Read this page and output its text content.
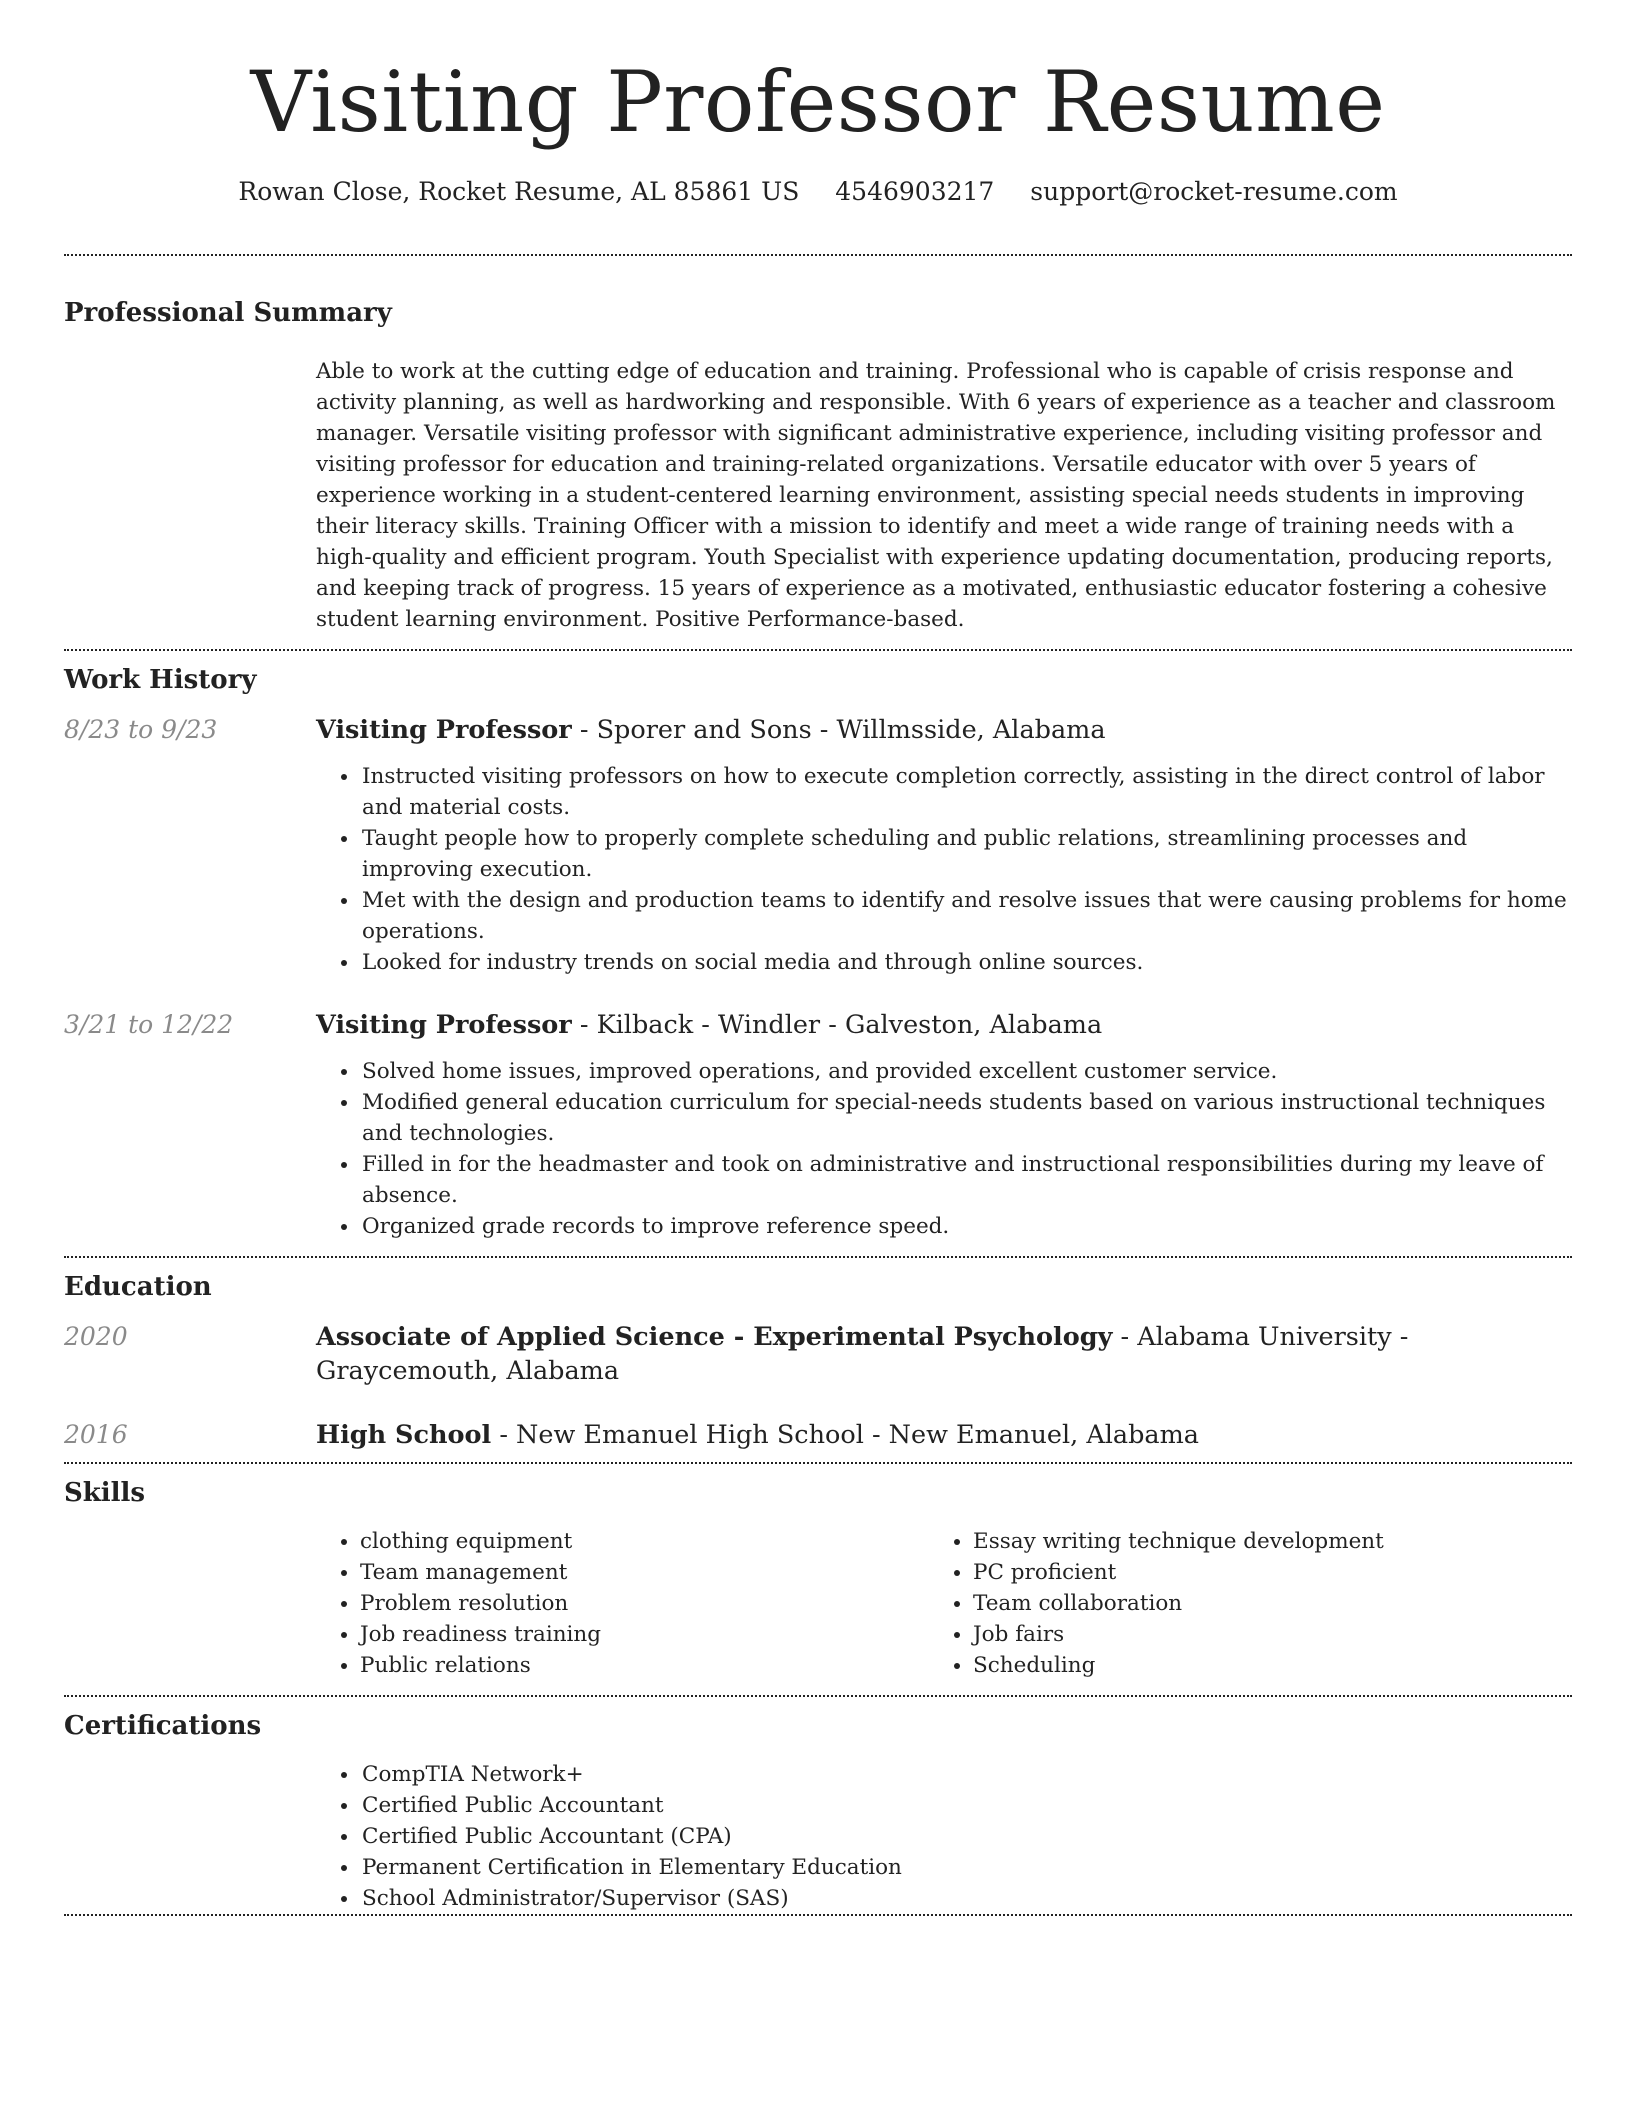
Visiting Professor Resume
Rowan Close, Rocket Resume, AL 85861 US 4546903217 support@rocket-resume.com
Professional Summary

Able to work at the cutting edge of education and training. Professional who is capable of crisis response and activity planning, as well as hardworking and responsible. With 6 years of experience as a teacher and classroom manager. Versatile visiting professor with significant administrative experience, including visiting professor and visiting professor for education and training-related organizations. Versatile educator with over 5 years of experience working in a student-centered learning environment, assisting special needs students in improving their literacy skills. Training Officer with a mission to identify and meet a wide range of training needs with a high-quality and efficient program. Youth Specialist with experience updating documentation, producing reports, and keeping track of progress. 15 years of experience as a motivated, enthusiastic educator fostering a cohesive student learning environment. Positive Performance-based.

Work History
8/23 to 9/23	Visiting Professor - Sporer and Sons - Willmsside, Alabama
• Instructed visiting professors on how to execute completion correctly, assisting in the direct control of labor and material costs.
• Taught people how to properly complete scheduling and public relations, streamlining processes and improving execution.
• Met with the design and production teams to identify and resolve issues that were causing problems for home operations.
• Looked for industry trends on social media and through online sources.
3/21 to 12/22	Visiting Professor - Kilback - Windler - Galveston, Alabama
• Solved home issues, improved operations, and provided excellent customer service.
• Modified general education curriculum for special-needs students based on various instructional techniques and technologies.
• Filled in for the headmaster and took on administrative and instructional responsibilities during my leave of absence.
• Organized grade records to improve reference speed.
Education
2020	Associate of Applied Science - Experimental Psychology - Alabama University - Graycemouth, Alabama
2016	High School - New Emanuel High School - New Emanuel, Alabama
Skills
• clothing equipment
• Team management
• Problem resolution
• Job readiness training
• Public relations
• Essay writing technique development
• PC proficient
• Team collaboration
• Job fairs
• Scheduling
Certifications
• CompTIA Network+
• Certified Public Accountant
• Certified Public Accountant (CPA)
• Permanent Certification in Elementary Education
• School Administrator/Supervisor (SAS)
